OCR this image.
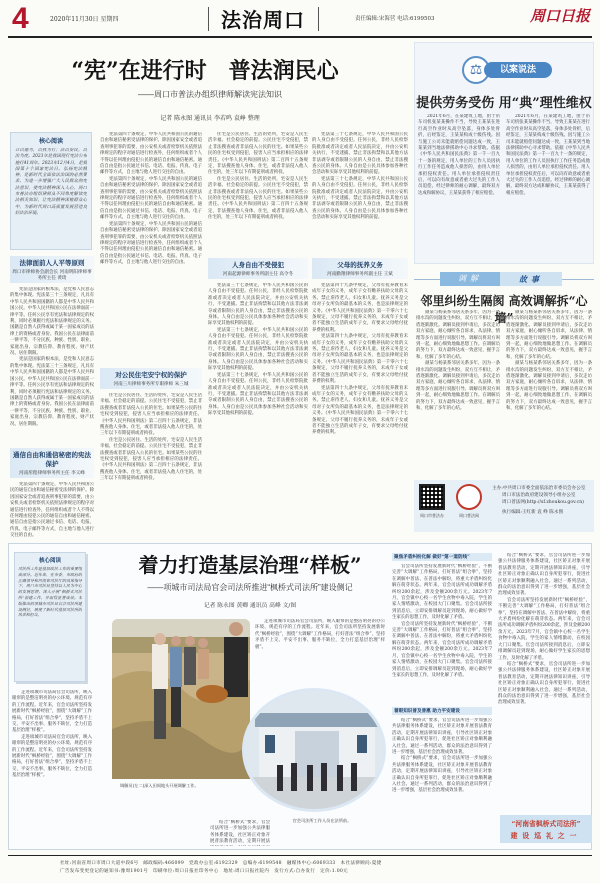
4	2020年11月30日 星期四	法治周口	责任编辑:宋海营 电话:6199503	周口日报
“宪”在进行时　普法润民心
——周口市普法办组织律师解读宪法知识
记者 陈永图 通讯员 李若鸣 袁峥 整理
核心阅读
立以德为，以执为行；法以安民，以治为度。2023年是我国现行宪法公布施行41周年。2023年12月4日，是我国第十个国家宪法日。弘扬宪法精神，是新时代全面依法治国的必然要求。为进一步增强广大人民群众的宪法意识，使宪法精神深入人心，周口市普法办组织律师从不同角度解读宪法相关知识，让宪法精神深植群众心中，为新时代周口高质量发展营造良好法治环境。
法律面前人人平等原则
周口市律师协会副会长 河南明阳律师事务所主任 黄琦

宪法是国家的根本法，是党和人民意志的集中体现。宪法第三十三条规定，凡具有中华人民共和国国籍的人都是中华人民共和国公民。中华人民共和国公民在法律面前一律平等。任何公民享有宪法和法律规定的权利，同时必须履行宪法和法律规定的义务。国籍是自然人获得或属于某一国家成员的法律上的资格或者身份。我国公民在法律面前一律平等，不分民族、种族、性别、职业、家庭出身、宗教信仰、教育程度、财产状况、居住期限。

宪法是国家的根本法，是党和人民意志的集中体现。宪法第三十三条规定，凡具有中华人民共和国国籍的人都是中华人民共和国公民。中华人民共和国公民在法律面前一律平等。任何公民享有宪法和法律规定的权利，同时必须履行宪法和法律规定的义务。国籍是自然人获得或属于某一国家成员的法律上的资格或者身份。我国公民在法律面前一律平等，不分民族、种族、性别、职业、家庭出身、宗教信仰、教育程度、财产状况、居住期限。

通信自由和通信秘密的宪法保护
河南彤程律师事务所主任 李义峰

宪法第四十条规定，中华人民共和国公民的通信自由和通信秘密受法律的保护。除因国家安全或者追查刑事犯罪的需要，由公安机关或者检察机关依照法律规定的程序对通信进行检查外，任何组织或者个人不得以任何理由侵犯公民的通信自由和通信秘密。通信自由是指公民通过书信、电话、电报、传真、电子邮件等方式，自主地与他人进行交往的自由。

宪法第四十条规定，中华人民共和国公民的通信自由和通信秘密受法律的保护。除因国家安全或者追查刑事犯罪的需要，由公安机关或者检察机关依照法律规定的程序对通信进行检查外，任何组织或者个人不得以任何理由侵犯公民的通信自由和通信秘密。通信自由是指公民通过书信、电话、电报、传真、电子邮件等方式，自主地与他人进行交往的自由。

宪法第四十条规定，中华人民共和国公民的通信自由和通信秘密受法律的保护。除因国家安全或者追查刑事犯罪的需要，由公安机关或者检察机关依照法律规定的程序对通信进行检查外，任何组织或者个人不得以任何理由侵犯公民的通信自由和通信秘密。通信自由是指公民通过书信、电话、电报、传真、电子邮件等方式，自主地与他人进行交往的自由。

宪法第四十条规定，中华人民共和国公民的通信自由和通信秘密受法律的保护。除因国家安全或者追查刑事犯罪的需要，由公安机关或者检察机关依照法律规定的程序对通信进行检查外，任何组织或者个人不得以任何理由侵犯公民的通信自由和通信秘密。通信自由是指公民通过书信、电话、电报、传真、电子邮件等方式，自主地与他人进行交往的自由。

对公民住宅安宁权的保护
河南三川律师事务所专职律师 朱三城

住宅是公民居住、生活的处所，宅安是人民生活幸福、社会稳定的前提。公民住宅不受侵犯，禁止非法搜查或者非法侵入公民的住宅。如果某些公民的住宅权受到侵犯，侵害人应当承担相应的法律责任。《中华人民共和国刑法》第二百四十五条规定，非法搜查他人身体、住宅，或者非法侵入他人住宅的，处三年以下有期徒刑或者拘役。

住宅是公民居住、生活的处所，宅安是人民生活幸福、社会稳定的前提。公民住宅不受侵犯，禁止非法搜查或者非法侵入公民的住宅。如果某些公民的住宅权受到侵犯，侵害人应当承担相应的法律责任。《中华人民共和国刑法》第二百四十五条规定，非法搜查他人身体、住宅，或者非法侵入他人住宅的，处三年以下有期徒刑或者拘役。

住宅是公民居住、生活的处所，宅安是人民生活幸福、社会稳定的前提。公民住宅不受侵犯，禁止非法搜查或者非法侵入公民的住宅。如果某些公民的住宅权受到侵犯，侵害人应当承担相应的法律责任。《中华人民共和国刑法》第二百四十五条规定，非法搜查他人身体、住宅，或者非法侵入他人住宅的，处三年以下有期徒刑或者拘役。

住宅是公民居住、生活的处所，宅安是人民生活幸福、社会稳定的前提。公民住宅不受侵犯，禁止非法搜查或者非法侵入公民的住宅。如果某些公民的住宅权受到侵犯，侵害人应当承担相应的法律责任。《中华人民共和国刑法》第二百四十五条规定，非法搜查他人身体、住宅，或者非法侵入他人住宅的，处三年以下有期徒刑或者拘役。

人身自由不受侵犯
河南起源律师事务所副主任 高令冬

宪法第三十七条规定，中华人民共和国公民的人身自由不受侵犯。任何公民，非经人民检察院批准或者决定或者人民法院决定，并由公安机关执行，不受逮捕。禁止非法拘禁和以其他方法非法剥夺或者限制公民的人身自由，禁止非法搜查公民的身体。人身自由是公民具体参加各种社会活动和实际享受其他权利的前提。

宪法第三十七条规定，中华人民共和国公民的人身自由不受侵犯。任何公民，非经人民检察院批准或者决定或者人民法院决定，并由公安机关执行，不受逮捕。禁止非法拘禁和以其他方法非法剥夺或者限制公民的人身自由，禁止非法搜查公民的身体。人身自由是公民具体参加各种社会活动和实际享受其他权利的前提。

宪法第三十七条规定，中华人民共和国公民的人身自由不受侵犯。任何公民，非经人民检察院批准或者决定或者人民法院决定，并由公安机关执行，不受逮捕。禁止非法拘禁和以其他方法非法剥夺或者限制公民的人身自由，禁止非法搜查公民的身体。人身自由是公民具体参加各种社会活动和实际享受其他权利的前提。

宪法第三十七条规定，中华人民共和国公民的人身自由不受侵犯。任何公民，非经人民检察院批准或者决定或者人民法院决定，并由公安机关执行，不受逮捕。禁止非法拘禁和以其他方法非法剥夺或者限制公民的人身自由，禁止非法搜查公民的身体。人身自由是公民具体参加各种社会活动和实际享受其他权利的前提。

宪法第三十七条规定，中华人民共和国公民的人身自由不受侵犯。任何公民，非经人民检察院批准或者决定或者人民法院决定，并由公安机关执行，不受逮捕。禁止非法拘禁和以其他方法非法剥夺或者限制公民的人身自由，禁止非法搜查公民的身体。人身自由是公民具体参加各种社会活动和实际享受其他权利的前提。

父母的抚养义务
河南勤翔律师事务所副主任 王斌

宪法第四十九条中规定，父母有抚养教育未成年子女的义务，成年子女有赡养扶助父母的义务。禁止虐待老人、妇女和儿童。抚养义务是父母对子女所负的最基本的义务，也是法律规定的义务。《中华人民共和国民法典》第一千零六十七条规定，父母不履行抚养义务的，未成年子女或者不能独立生活的成年子女，有要求父母给付抚养费的权利。

宪法第四十九条中规定，父母有抚养教育未成年子女的义务，成年子女有赡养扶助父母的义务。禁止虐待老人、妇女和儿童。抚养义务是父母对子女所负的最基本的义务，也是法律规定的义务。《中华人民共和国民法典》第一千零六十七条规定，父母不履行抚养义务的，未成年子女或者不能独立生活的成年子女，有要求父母给付抚养费的权利。

宪法第四十九条中规定，父母有抚养教育未成年子女的义务，成年子女有赡养扶助父母的义务。禁止虐待老人、妇女和儿童。抚养义务是父母对子女所负的最基本的义务，也是法律规定的义务。《中华人民共和国民法典》第一千零六十七条规定，父母不履行抚养义务的，未成年子女或者不能独立生活的成年子女，有要求父母给付抚养费的权利。

⚖	以案说法
提供劳务受伤 用“典”理性维权

2021年6月，在某建筑工地，由于吊车司机张某某操作不当，导致王某某在进行高空作业时从高空坠落，身体多处骨折，后经鉴定，王某某构成十级伤残。因与施工公司未能就赔偿问题达成一致，王某某到当地法律援助中心寻求帮助。依据《中华人民共和国民法典》第一千一百九十一条的规定，用人单位的工作人员因执行工作任务造成他人损害的，由用人单位承担侵权责任。用人单位承担侵权责任后，可以向有故意或者重大过失的工作人员追偿。经过律师的耐心调解，最终双方达成和解协议，王某某获得了相应赔偿。

2021年6月，在某建筑工地，由于吊车司机张某某操作不当，导致王某某在进行高空作业时从高空坠落，身体多处骨折，后经鉴定，王某某构成十级伤残。因与施工公司未能就赔偿问题达成一致，王某某到当地法律援助中心寻求帮助。依据《中华人民共和国民法典》第一千一百九十一条的规定，用人单位的工作人员因执行工作任务造成他人损害的，由用人单位承担侵权责任。用人单位承担侵权责任后，可以向有故意或者重大过失的工作人员追偿。经过律师的耐心调解，最终双方达成和解协议，王某某获得了相应赔偿。

调解	故事
邻里纠纷生隔阂 高效调解拆“心墙”

颜某与杨某系邻居关系多年，因为一条排水沟的问题发生纠纷，双方互不相让，矛盾逐渐激化。调解员接到申请后，多次走访双方家庭，耐心倾听各自诉求，从法律、情理等多方面进行说服引导。调解员将双方叫到一起，耐心细致地做思想工作。在调解员的努力下，双方最终达成一致意见，握手言和，化解了多年的心结。

颜某与杨某系邻居关系多年，因为一条排水沟的问题发生纠纷，双方互不相让，矛盾逐渐激化。调解员接到申请后，多次走访双方家庭，耐心倾听各自诉求，从法律、情理等多方面进行说服引导。调解员将双方叫到一起，耐心细致地做思想工作。在调解员的努力下，双方最终达成一致意见，握手言和，化解了多年的心结。

颜某与杨某系邻居关系多年，因为一条排水沟的问题发生纠纷，双方互不相让，矛盾逐渐激化。调解员接到申请后，多次走访双方家庭，耐心倾听各自诉求，从法律、情理等多方面进行说服引导。调解员将双方叫到一起，耐心细致地做思想工作。在调解员的努力下，双方最终达成一致意见，握手言和，化解了多年的心结。

颜某与杨某系邻居关系多年，因为一条排水沟的问题发生纠纷，双方互不相让，矛盾逐渐激化。调解员接到申请后，多次走访双方家庭，耐心倾听各自诉求，从法律、情理等多方面进行说服引导。调解员将双方叫到一起，耐心细致地做思想工作。在调解员的努力下，双方最终达成一致意见，握手言和，化解了多年的心结。

周口市普法办	周口普法网
主办:中共周口市委全面依法治市委员会办公室
周口市法治政府建设领导小组办公室
周口普法网(http://sf.zhoukou.gov.cn)
执行编辑:王红新 袁 峥 陈永图
核心阅读
司法所工作是基层政法工作的重要组成部分。近年来，在市委、市政府的正确领导和河南省司法厅的具体指导下，周口市司法局坚持以人民为中心的发展思想，深入开展“枫桥式司法所”创建工作，并取得显著成效。本版推出的项城市司法局官会司法所建设侧记，展现了新时代基层司法所的风采和担当。
着力打造基层治理“样板”
——项城市司法局官会司法所推进“枫桥式司法所”建设侧记
记者 陈永图 黄卿 通讯员 高峰 文/图

走进项城市司法局官会司法所，映入眼帘的是整洁明亮的办公环境、规范有序的工作流程。近年来，官会司法所坚持发展新时代“枫桥经验”，围绕“大调解”工作格局，打好普法“组合拳”，坚持矛盾不上交、平安不出事、服务不缺位，全力打造基层治理“样板”。

走进项城市司法局官会司法所，映入眼帘的是整洁明亮的办公环境、规范有序的工作流程。近年来，官会司法所坚持发展新时代“枫桥经验”，围绕“大调解”工作格局，打好普法“组合拳”，坚持矛盾不上交、平安不出事、服务不缺位，全力打造基层治理“样板”。

调解员(左二)深入田间地头开展调解工作。
官会司法所工作人员在法所前。

走进项城市司法局官会司法所，映入眼帘的是整洁明亮的办公环境、规范有序的工作流程。近年来，官会司法所坚持发展新时代“枫桥经验”，围绕“大调解”工作格局，打好普法“组合拳”，坚持矛盾不上交、平安不出事、服务不缺位，全力打造基层治理“样板”。

结合“枫桥式”要求，官会司法所进一步加强公共法律服务体系建设，社区矫正对象开展普法教育活动，定期开展法

聚焦矛盾纠纷化解 做好“第一道防线”

官会司法所坚持发展新时代“枫桥经验”，不断完善“大调解”工作格局，打好普法“组合拳”，坚持在调解中普法、在普法中解纷，将重大矛盾纠纷化解在萌芽状态。两年来，官会司法所成功调解矛盾纠纷200余起，涉及金额200余万元。2023年7月，官会镇中心校一名学生食物中毒入院，学生的家人情绪激动，在校园大门口聚集。官会司法所接到消息后，立即安排调解员赶到现场，耐心做好学生家长的思想工作，及时化解了矛盾。

官会司法所坚持发展新时代“枫桥经验”，不断完善“大调解”工作格局，打好普法“组合拳”，坚持在调解中普法、在普法中解纷，将重大矛盾纠纷化解在萌芽状态。两年来，官会司法所成功调解矛盾纠纷200余起，涉及金额200余万元。2023年7月，官会镇中心校一名学生食物中毒入院，学生的家人情绪激动，在校园大门口聚集。官会司法所接到消息后，立即安排调解员赶到现场，耐心做好学生家长的思想工作，及时化解了矛盾。

着眼知识普及普惠 助力平安建设

结合“枫桥式”要求，官会司法所进一步加强公共法律服务体系建设，社区矫正对象开展普法教育活动，定期开展法律知识讲座，引导社区矫正对象正确认识自身所犯罪行，促进社区矫正对象顺利融入社会。通过一系列活动，群众的法治意识得到了进一步增强，基层社会治理成效显著。

结合“枫桥式”要求，官会司法所进一步加强公共法律服务体系建设，社区矫正对象开展普法教育活动，定期开展法律知识讲座，引导社区矫正对象正确认识自身所犯罪行，促进社区矫正对象顺利融入社会。通过一系列活动，群众的法治意识得到了进一步增强，基层社会治理成效显著。

结合“枫桥式”要求，官会司法所进一步加强公共法律服务体系建设，社区矫正对象开展普法教育活动，定期开展法律知识讲座，引导社区矫正对象正确认识自身所犯罪行，促进社区矫正对象顺利融入社会。通过一系列活动，群众的法治意识得到了进一步增强，基层社会治理成效显著。

官会司法所坚持发展新时代“枫桥经验”，不断完善“大调解”工作格局，打好普法“组合拳”，坚持在调解中普法、在普法中解纷，将重大矛盾纠纷化解在萌芽状态。两年来，官会司法所成功调解矛盾纠纷200余起，涉及金额200余万元。2023年7月，官会镇中心校一名学生食物中毒入院，学生的家人情绪激动，在校园大门口聚集。官会司法所接到消息后，立即安排调解员赶到现场，耐心做好学生家长的思想工作，及时化解了矛盾。

结合“枫桥式”要求，官会司法所进一步加强公共法律服务体系建设，社区矫正对象开展普法教育活动，定期开展法律知识讲座，引导社区矫正对象正确认识自身所犯罪行，促进社区矫正对象顺利融入社会。通过一系列活动，群众的法治意识得到了进一步增强，基层社会治理成效显著。

“河南省枫桥式司法所”
建设巡礼之一
社址:河南省周口市周口大道中段6号　邮政编码:466099　党政办公室:6192329　总编办:6199548　融媒体中心:6069333　本社法律顾问:夏捷
广告发布变更登记的通知书:豫周1901号　印刷单位:周口日报社印务中心　地址:周口日报社院内　发行方式:自办发行　定价:1.00元
